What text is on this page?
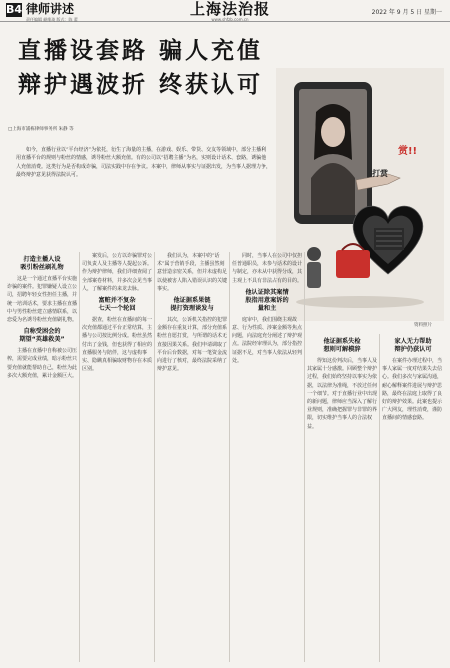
B4 律师讲述
责任编辑 颜维琦 版式：陈 蕾
上海法治报
www.shfzb.com.cn
2022 年 9 月 5 日 星期一
直播设套路 骗人充值
辩护遇波折 终获认可
□上海市浦栋律师事务所 朱静 等
如今，直播行业以“平台经济”为依托，衍生了海量的主播，在游戏、娱乐、带货、交友等领域中，部分主播利用直播平台的规则与粉丝的情感，诱导粉丝大额充值。有的公司以“招聘主播”为名，实则设计话术、套路，诱骗他人充值消费。这类行为是否构成诈骗，司法实践中存在争议。本案中，律师从事实与证据出发，为当事人据理力争，最终辩护意见获得法院认可。
赏!!
打赏
资料照片
打造主播人设
吸引粉丝刷礼物

这是一个通过直播平台实施诈骗的案件。犯罪嫌疑人设立公司，招聘年轻女性担任主播，并统一培训话术，要求主播在直播中与男性粉丝建立感情联系，以恋爱为名诱导粉丝充值刷礼物。

自称受困会的
期望“英雄救美”

主播在直播中自称被公司压榨，需要完成业绩，暗示粉丝只要充值就能帮助自己，粉丝为此多次大额充值，累计金额巨大。

案发后，公方以诈骗罪对公司负责人及主播等人提起公诉。作为辩护律师，我们详细查阅了全部案卷材料，并多次会见当事人，了解案件的来龙去脉。

富赃并不复杂
七天一个轮回

据查，粉丝在直播间的每一次充值都通过平台正常结算，主播与公司按比例分成。粉丝虽然付出了金钱，但也获得了相应的直播服务与陪伴，这与虚构事实、隐瞒真相骗取财物存在本质区别。

我们认为，本案中的“话术”属于营销手段，主播虽然刻意营造亲密关系，但并未虚构足以使被害人陷入错误认识的关键事实。

他证据系果链
提打资理谈发与

其次，公诉机关指控的犯罪金额存在重复计算，部分充值系粉丝自愿打赏，与所谓的话术无直接因果关系。我们申请调取了平台后台数据，对每一笔资金流向进行了核对，最终法院采纳了辩护意见。

同时，当事人在公司中仅担任普通职员，未参与话术的设计与制定，亦未从中获得分成，其主观上不具有非法占有的目的。

他认证除其案情
股指用意案诉的
量和主

庭审中，我们围绕主观故意、行为性质、涉案金额等焦点问题，向法庭充分阐述了辩护观点。法院经审理认为，部分指控证据不足，对当事人依法从轻判处。

他证据系失检
想则可解模辞

得知这份判决后，当事人及其家属十分感激。回顾整个辩护过程，我们始终坚持以事实为依据，以法律为准绳，不放过任何一个细节。对于直播行业中出现的新问题，律师应当深入了解行业规则，准确把握罪与非罪的界限，切实维护当事人的合法权益。

家人无力帮助
辩护仍获认可

在案件办理过程中，当事人家属一度对结果失去信心。我们多次与家属沟通，耐心解释案件进展与辩护思路，最终在法庭上取得了良好的辩护效果。此案也提示广大网友，理性消费，谨防直播间的情感套路。
